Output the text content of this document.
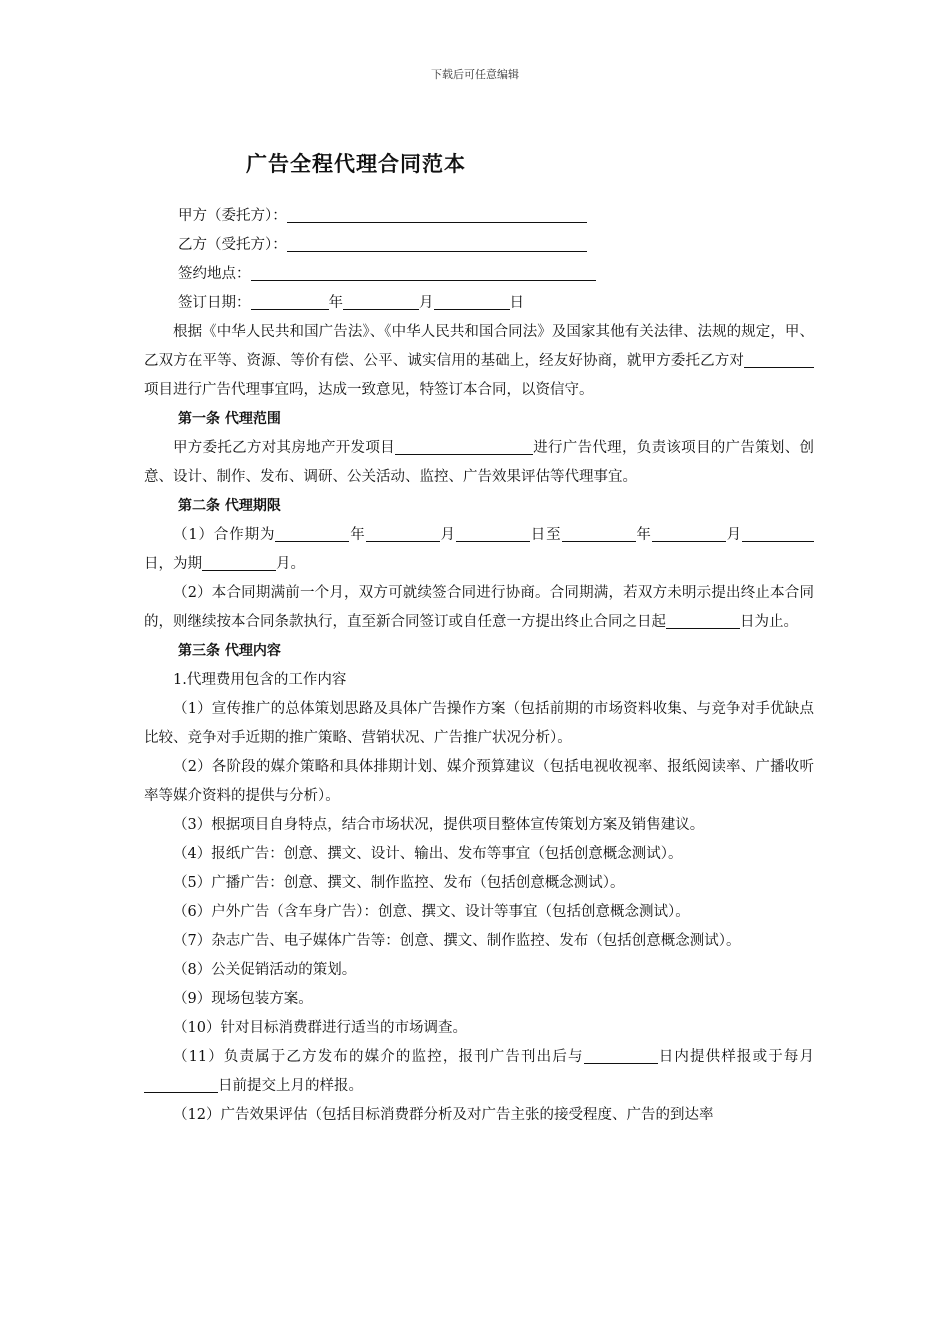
下载后可任意编辑
广告全程代理合同范本

甲方（委托方）：

乙方（受托方）：

签约地点：

签订日期：	年	月	日

根据《中华人民共和国广告法》、《中华人民共和国合同法》及国家其他有关法律、法规的规定，甲、乙双方在平等、资源、等价有偿、公平、诚实信用的基础上，经友好协商，就甲方委托乙方对项目进行广告代理事宜吗，达成一致意见，特签订本合同，以资信守。

第一条 代理范围

甲方委托乙方对其房地产开发项目	进行广告代理，负责该项目的广告策划、创意、设计、制作、发布、调研、公关活动、监控、广告效果评估等代理事宜。

第二条 代理期限

（1）合作期为	年	月	日至	年	月日，为期	月。

（2）本合同期满前一个月，双方可就续签合同进行协商。合同期满，若双方未明示提出终止本合同的，则继续按本合同条款执行，直至新合同签订或自任意一方提出终止合同之日起	日为止。

第三条 代理内容

1.代理费用包含的工作内容

（1）宣传推广的总体策划思路及具体广告操作方案（包括前期的市场资料收集、与竞争对手优缺点比较、竞争对手近期的推广策略、营销状况、广告推广状况分析）。

（2）各阶段的媒介策略和具体排期计划、媒介预算建议（包括电视收视率、报纸阅读率、广播收听率等媒介资料的提供与分析）。

（3）根据项目自身特点，结合市场状况，提供项目整体宣传策划方案及销售建议。

（4）报纸广告：创意、撰文、设计、输出、发布等事宜（包括创意概念测试）。

（5）广播广告：创意、撰文、制作监控、发布（包括创意概念测试）。

（6）户外广告（含车身广告）：创意、撰文、设计等事宜（包括创意概念测试）。

（7）杂志广告、电子媒体广告等：创意、撰文、制作监控、发布（包括创意概念测试）。

（8）公关促销活动的策划。

（9）现场包装方案。

（10）针对目标消费群进行适当的市场调查。

（11）负责属于乙方发布的媒介的监控，报刊广告刊出后与	日内提供样报或于每月日前提交上月的样报。

（12）广告效果评估（包括目标消费群分析及对广告主张的接受程度、广告的到达率
